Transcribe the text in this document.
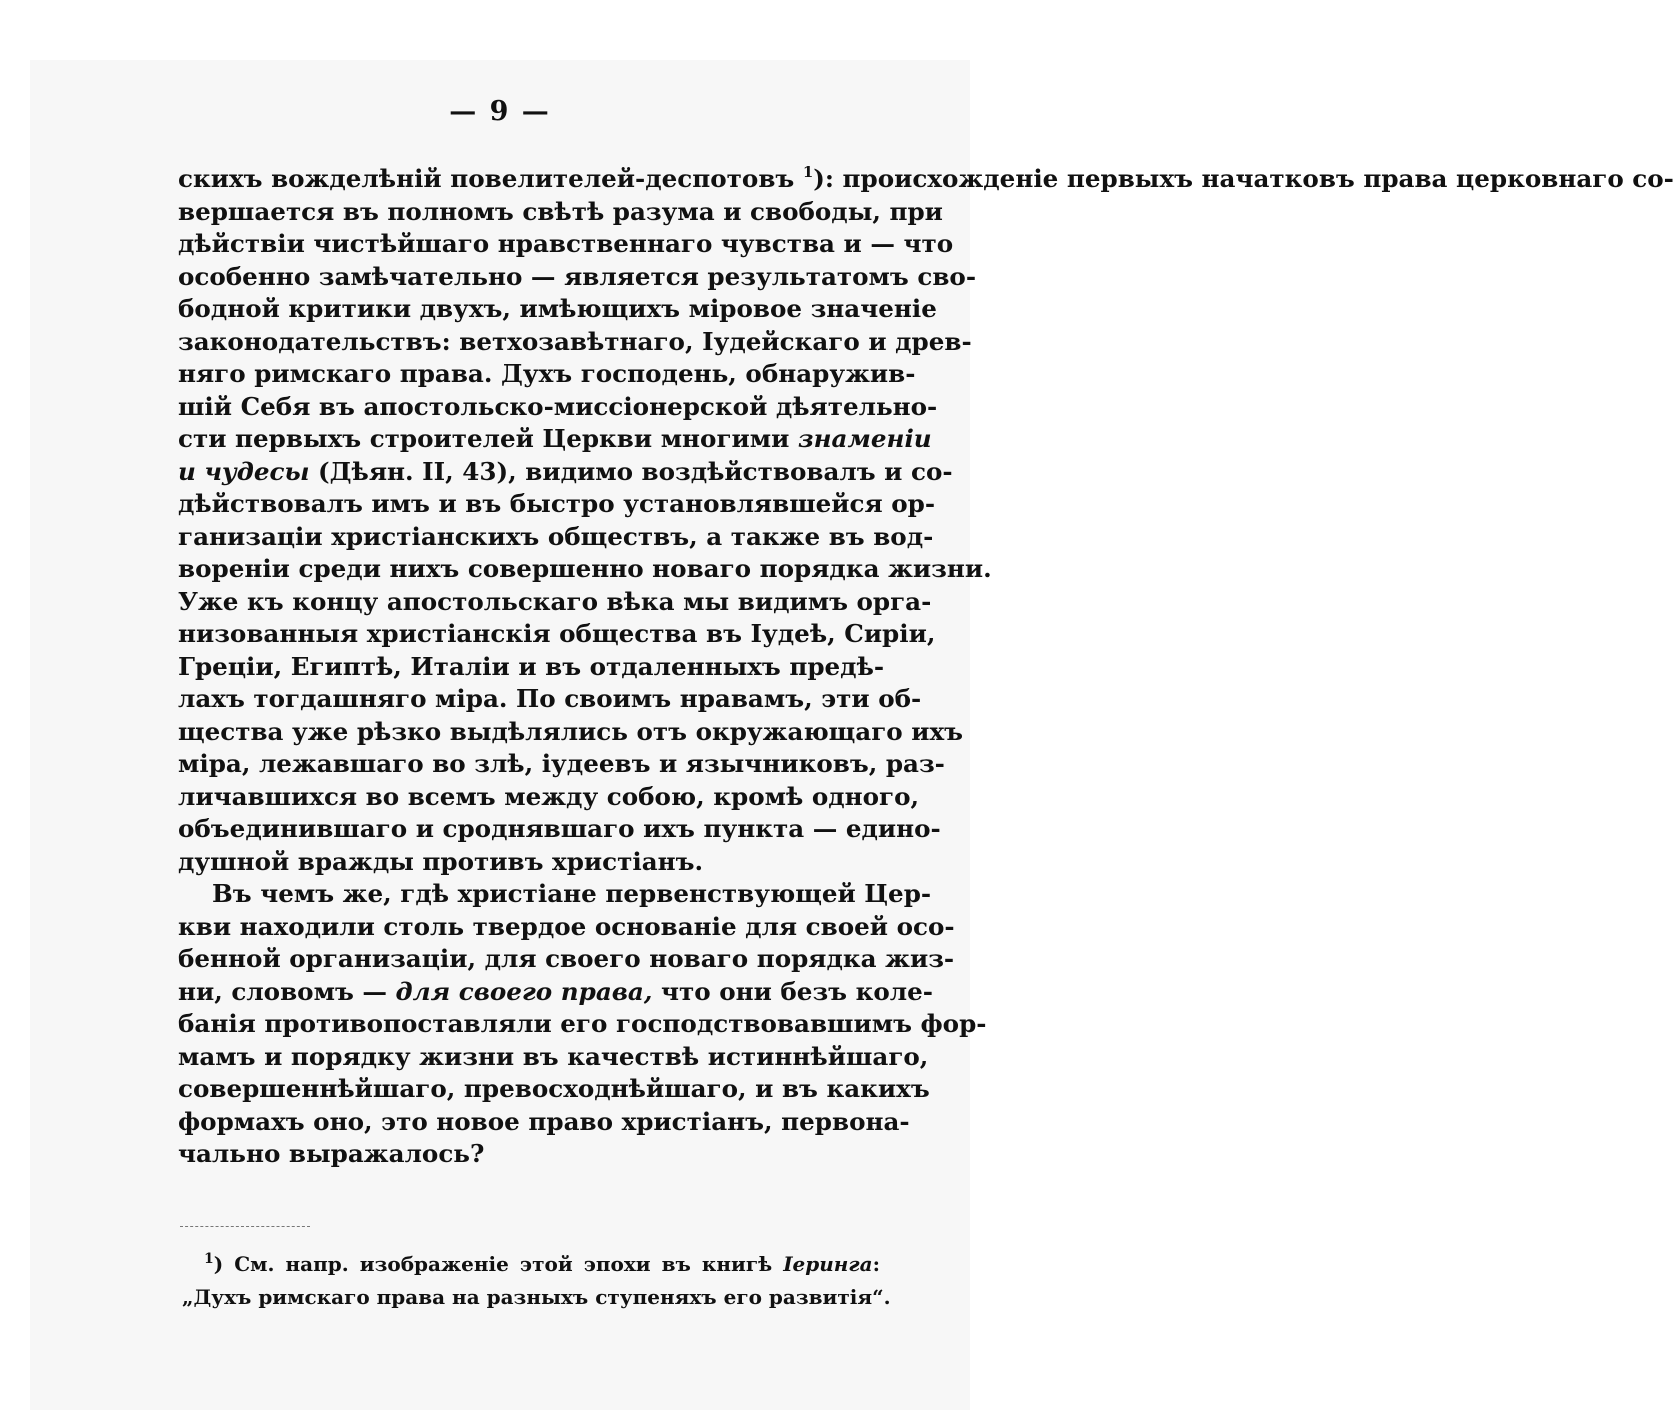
— 9 —
скихъ вожделѣній повелителей-деспотовъ $^1$): происхожденіе первыхъ начатковъ права церковнаго со-
вершается въ полномъ свѣтѣ разума и свободы, при
дѣйствіи чистѣйшаго нравственнаго чувства и — что
особенно замѣчательно — является результатомъ сво-
бодной критики двухъ, имѣющихъ міровое значеніе
законодательствъ: ветхозавѣтнаго, Іудейскаго и древ-
няго римскаго права. Духъ господень, обнаружив-
шій Себя въ апостольско-миссіонерской дѣятельно-
сти первыхъ строителей Церкви многими знаменіи
и чудесы (Дѣян. II, 43), видимо воздѣйствовалъ и со-
дѣйствовалъ имъ и въ быстро установлявшейся ор-
ганизаціи христіанскихъ обществъ, а также въ вод-
вореніи среди нихъ совершенно новаго порядка жизни.
Уже къ концу апостольскаго вѣка мы видимъ орга-
низованныя христіанскія общества въ Іудеѣ, Сиріи,
Греціи, Египтѣ, Италіи и въ отдаленныхъ предѣ-
лахъ тогдашняго міра. По своимъ нравамъ, эти об-
щества уже рѣзко выдѣлялись отъ окружающаго ихъ
міра, лежавшаго во злѣ, іудеевъ и язычниковъ, раз-
личавшихся во всемъ между собою, кромѣ одного,
объединившаго и сроднявшаго ихъ пункта — едино-
душной вражды противъ христіанъ.
Въ чемъ же, гдѣ христіане первенствующей Цер-
кви находили столь твердое основаніе для своей осо-
бенной организаціи, для своего новаго порядка жиз-
ни, словомъ — для своего права, что они безъ коле-
банія противопоставляли его господствовавшимъ фор-
мамъ и порядку жизни въ качествѣ истиннѣйшаго,
совершеннѣйшаго, превосходнѣйшаго, и въ какихъ
формахъ оно, это новое право христіанъ, первона-
чально выражалось?
$^1$) См. напр. изображеніе этой эпохи въ книгѣ Іеринга:
„Духъ римскаго права на разныхъ ступеняхъ его развитія“.
